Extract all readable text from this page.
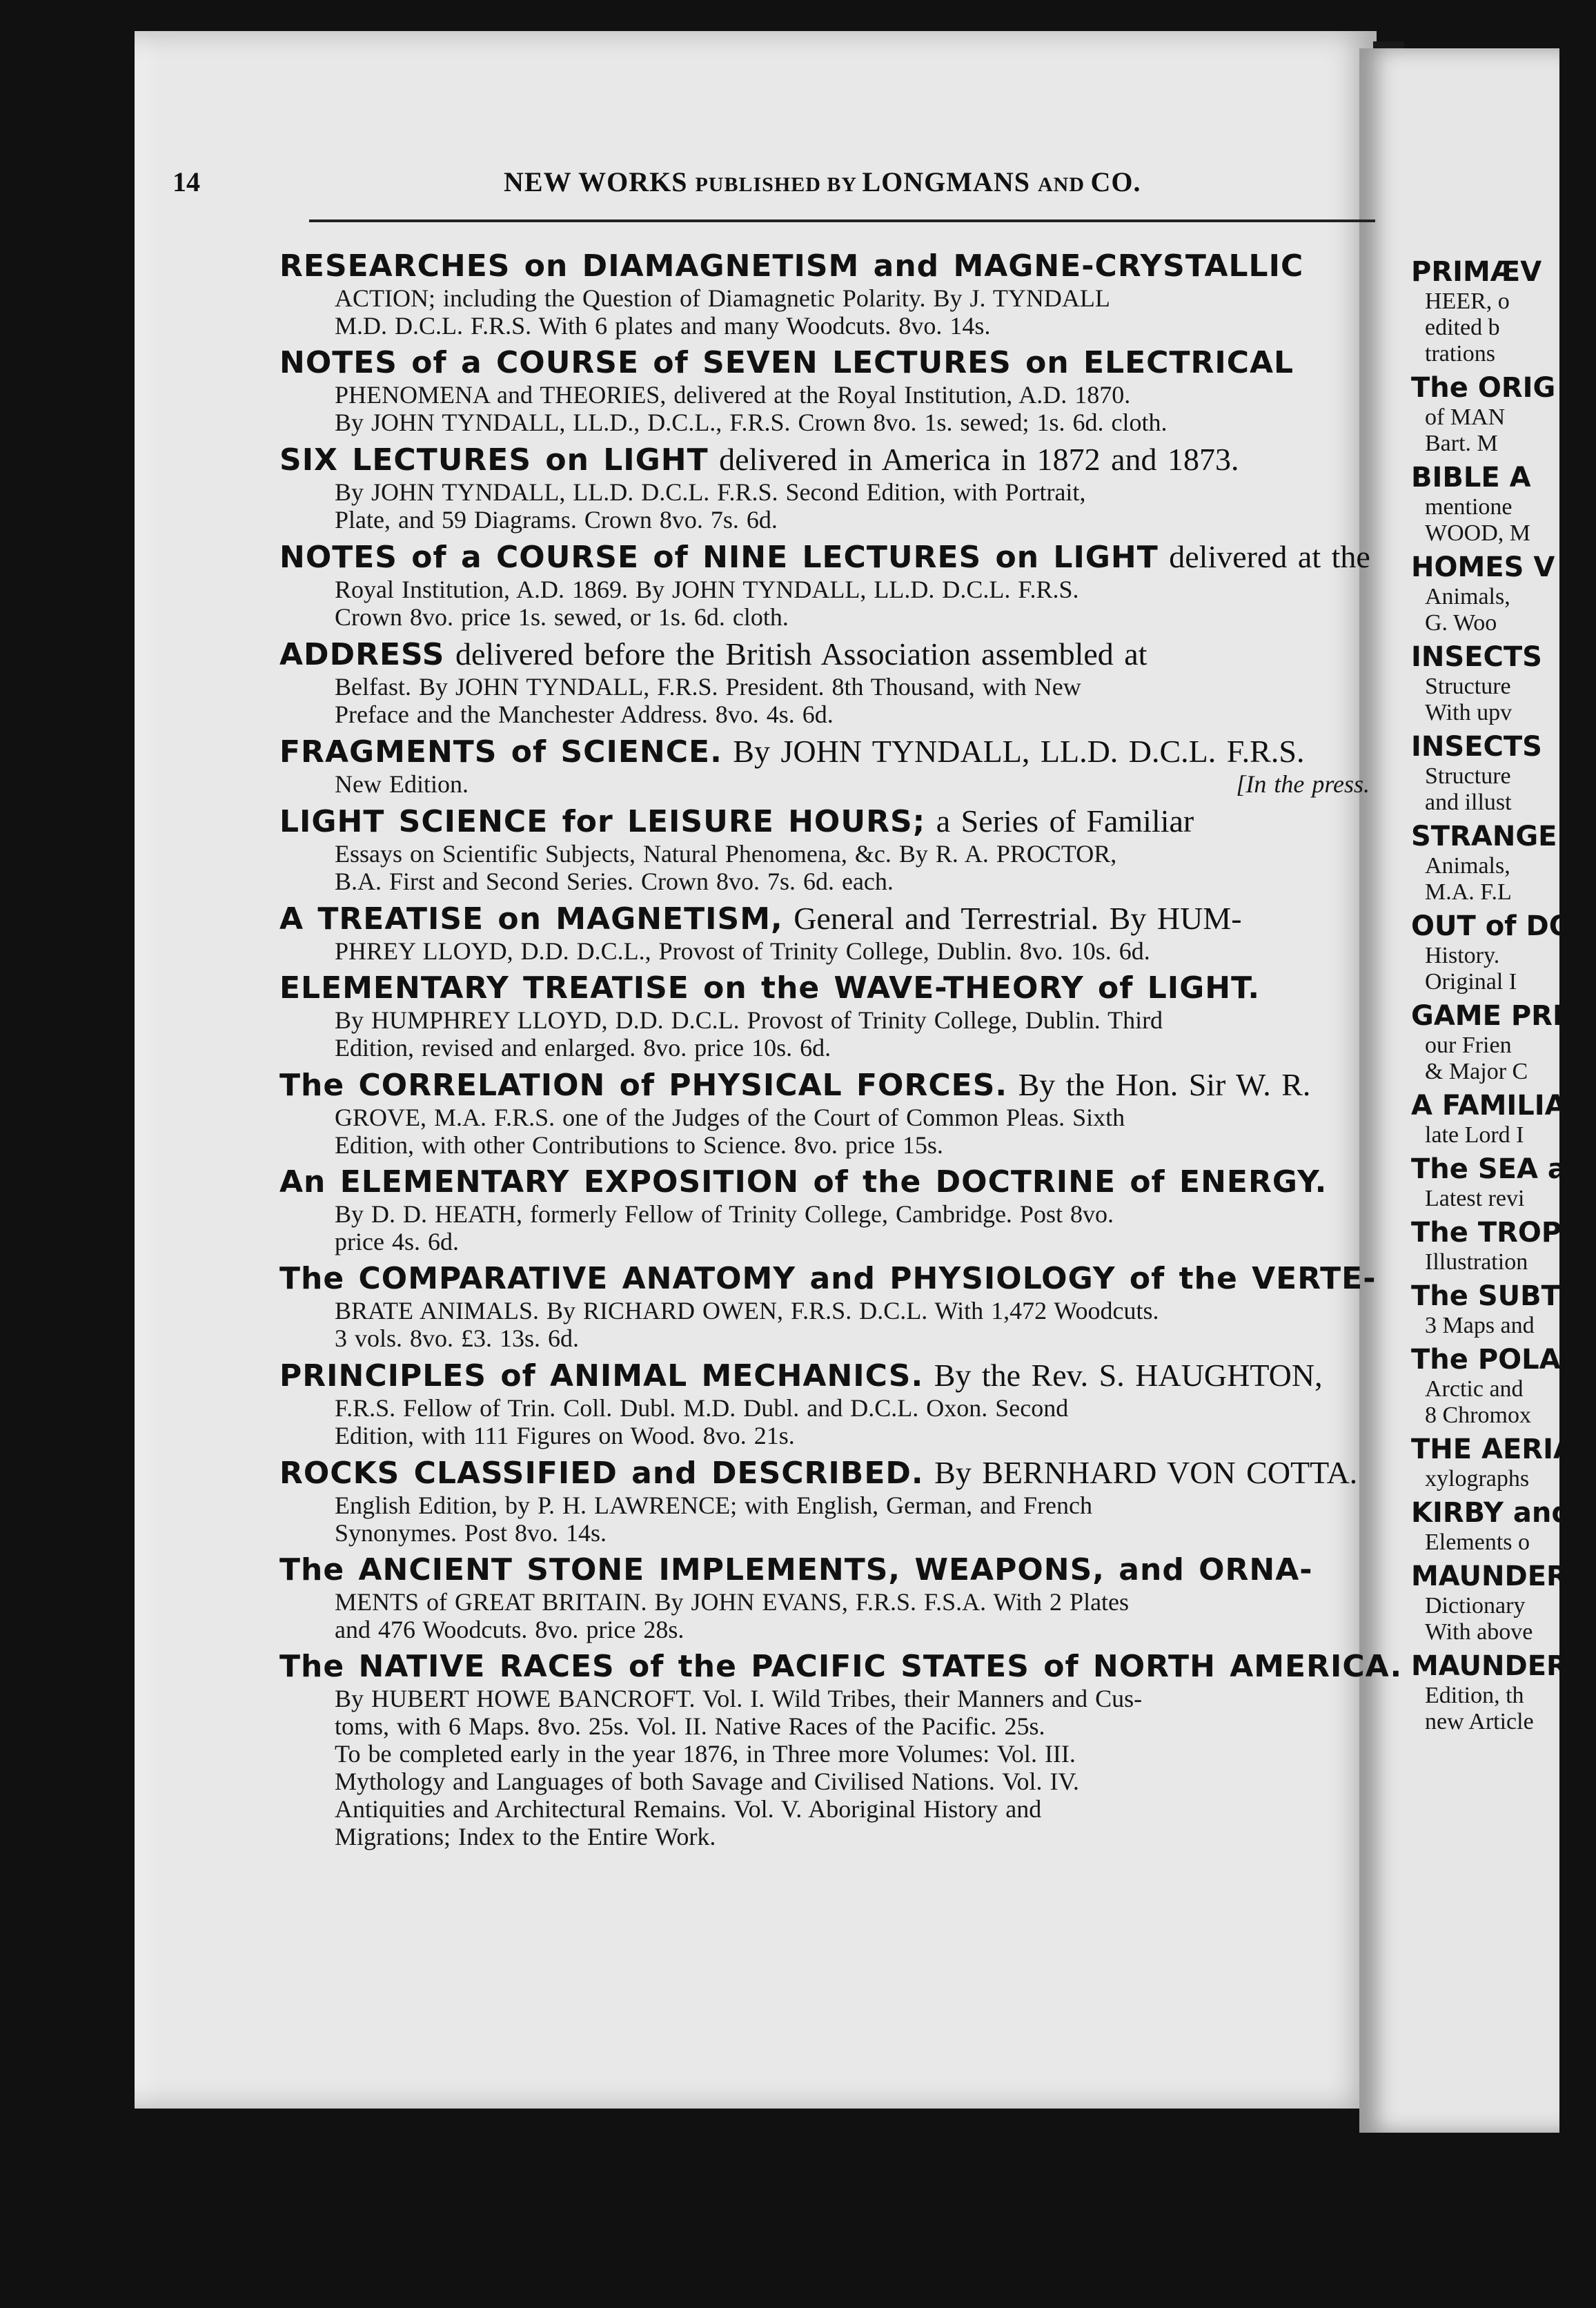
14	NEW WORKS PUBLISHED BY LONGMANS AND CO.
RESEARCHES on DIAMAGNETISM and MAGNE-CRYSTALLIC
ACTION; including the Question of Diamagnetic Polarity. By J. TYNDALL
M.D. D.C.L. F.R.S. With 6 plates and many Woodcuts. 8vo. 14s.
NOTES of a COURSE of SEVEN LECTURES on ELECTRICAL
PHENOMENA and THEORIES, delivered at the Royal Institution, A.D. 1870.
By JOHN TYNDALL, LL.D., D.C.L., F.R.S. Crown 8vo. 1s. sewed; 1s. 6d. cloth.
SIX LECTURES on LIGHT delivered in America in 1872 and 1873.
By JOHN TYNDALL, LL.D. D.C.L. F.R.S. Second Edition, with Portrait,
Plate, and 59 Diagrams. Crown 8vo. 7s. 6d.
NOTES of a COURSE of NINE LECTURES on LIGHT delivered at the
Royal Institution, A.D. 1869. By JOHN TYNDALL, LL.D. D.C.L. F.R.S.
Crown 8vo. price 1s. sewed, or 1s. 6d. cloth.
ADDRESS delivered before the British Association assembled at
Belfast. By JOHN TYNDALL, F.R.S. President. 8th Thousand, with New
Preface and the Manchester Address. 8vo. 4s. 6d.
FRAGMENTS of SCIENCE. By JOHN TYNDALL, LL.D. D.C.L. F.R.S.
New Edition.	[In the press.
LIGHT SCIENCE for LEISURE HOURS; a Series of Familiar
Essays on Scientific Subjects, Natural Phenomena, &c. By R. A. PROCTOR,
B.A. First and Second Series. Crown 8vo. 7s. 6d. each.
A TREATISE on MAGNETISM, General and Terrestrial. By HUM-
PHREY LLOYD, D.D. D.C.L., Provost of Trinity College, Dublin. 8vo. 10s. 6d.
ELEMENTARY TREATISE on the WAVE-THEORY of LIGHT.
By HUMPHREY LLOYD, D.D. D.C.L. Provost of Trinity College, Dublin. Third
Edition, revised and enlarged. 8vo. price 10s. 6d.
The CORRELATION of PHYSICAL FORCES. By the Hon. Sir W. R.
GROVE, M.A. F.R.S. one of the Judges of the Court of Common Pleas. Sixth
Edition, with other Contributions to Science. 8vo. price 15s.
An ELEMENTARY EXPOSITION of the DOCTRINE of ENERGY.
By D. D. HEATH, formerly Fellow of Trinity College, Cambridge. Post 8vo.
price 4s. 6d.
The COMPARATIVE ANATOMY and PHYSIOLOGY of the VERTE-
BRATE ANIMALS. By RICHARD OWEN, F.R.S. D.C.L. With 1,472 Woodcuts.
3 vols. 8vo. £3. 13s. 6d.
PRINCIPLES of ANIMAL MECHANICS. By the Rev. S. HAUGHTON,
F.R.S. Fellow of Trin. Coll. Dubl. M.D. Dubl. and D.C.L. Oxon. Second
Edition, with 111 Figures on Wood. 8vo. 21s.
ROCKS CLASSIFIED and DESCRIBED. By BERNHARD VON COTTA.
English Edition, by P. H. LAWRENCE; with English, German, and French
Synonymes. Post 8vo. 14s.
The ANCIENT STONE IMPLEMENTS, WEAPONS, and ORNA-
MENTS of GREAT BRITAIN. By JOHN EVANS, F.R.S. F.S.A. With 2 Plates
and 476 Woodcuts. 8vo. price 28s.
The NATIVE RACES of the PACIFIC STATES of NORTH AMERICA.
By HUBERT HOWE BANCROFT. Vol. I. Wild Tribes, their Manners and Cus-
toms, with 6 Maps. 8vo. 25s. Vol. II. Native Races of the Pacific. 25s.
To be completed early in the year 1876, in Three more Volumes: Vol. III.
Mythology and Languages of both Savage and Civilised Nations. Vol. IV.
Antiquities and Architectural Remains. Vol. V. Aboriginal History and
Migrations; Index to the Entire Work.
PRIMÆV
HEER, o
edited b
trations
The ORIG
of MAN
Bart. M
BIBLE A
mentione
WOOD, M
HOMES V
Animals,
G. Woo
INSECTS
Structure
With upv
INSECTS
Structure
and illust
STRANGE
Animals,
M.A. F.L
OUT of DO
History.
Original I
GAME PRI
our Frien
& Major C
A FAMILIA
late Lord I
The SEA an
Latest revi
The TROPIC
Illustration
The SUBTE
3 Maps and
The POLAR
Arctic and
8 Chromox
THE AERIA
xylographs
KIRBY and
Elements o
MAUNDER'S
Dictionary
With above
MAUNDER'S
Edition, th
new Article
